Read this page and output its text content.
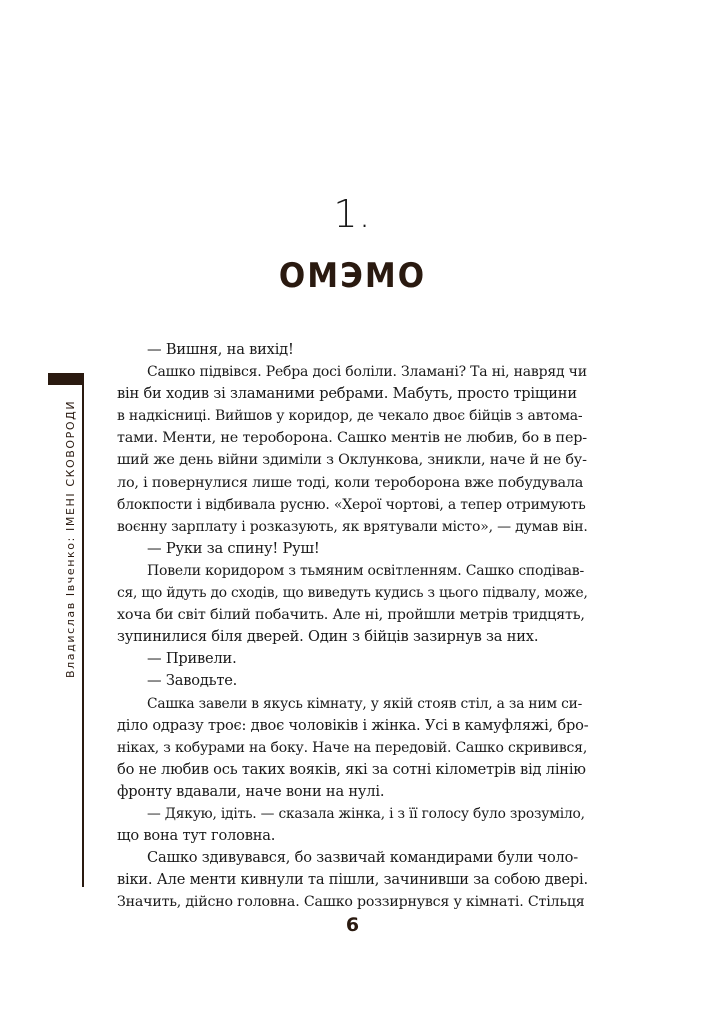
1.
ОМЭМО
Владислав Івченко: ІМЕНІ СКОВОРОДИ

— Вишня, на вихід!

Сашко підвівся. Ребра досі боліли. Зламані? Та ні, навряд чи
він би ходив зі зламаними ребрами. Мабуть, просто тріщини
в надкісниці. Вийшов у коридор, де чекало двоє бійців з автома-
тами. Менти, не тероборона. Сашко ментів не любив, бо в пер-
ший же день війни здиміли з Оклункова, зникли, наче й не бу-
ло, і повернулися лише тоді, коли тероборона вже побудувала
блокпости і відбивала русню. «Херої чортові, а тепер отримують
воєнну зарплату і розказують, як врятували місто», — думав він.

— Руки за спину! Руш!

Повели коридором з тьмяним освітленням. Сашко сподівав-
ся, що йдуть до сходів, що виведуть кудись з цього підвалу, може,
хоча би світ білий побачить. Але ні, пройшли метрів тридцять,
зупинилися біля дверей. Один з бійців зазирнув за них.

— Привели.

— Заводьте.

Сашка завели в якусь кімнату, у якій стояв стіл, а за ним си-
діло одразу троє: двоє чоловіків і жінка. Усі в камуфляжі, бро-
ніках, з кобурами на боку. Наче на передовій. Сашко скривився,
бо не любив ось таких вояків, які за сотні кілометрів від лінію
фронту вдавали, наче вони на нулі.

— Дякую, ідіть. — сказала жінка, і з її голосу було зрозуміло,
що вона тут головна.

Сашко здивувався, бо зазвичай командирами були чоло-
віки. Але менти кивнули та пішли, зачинивши за собою двері.
Значить, дійсно головна. Сашко роззирнувся у кімнаті. Стільця

6
